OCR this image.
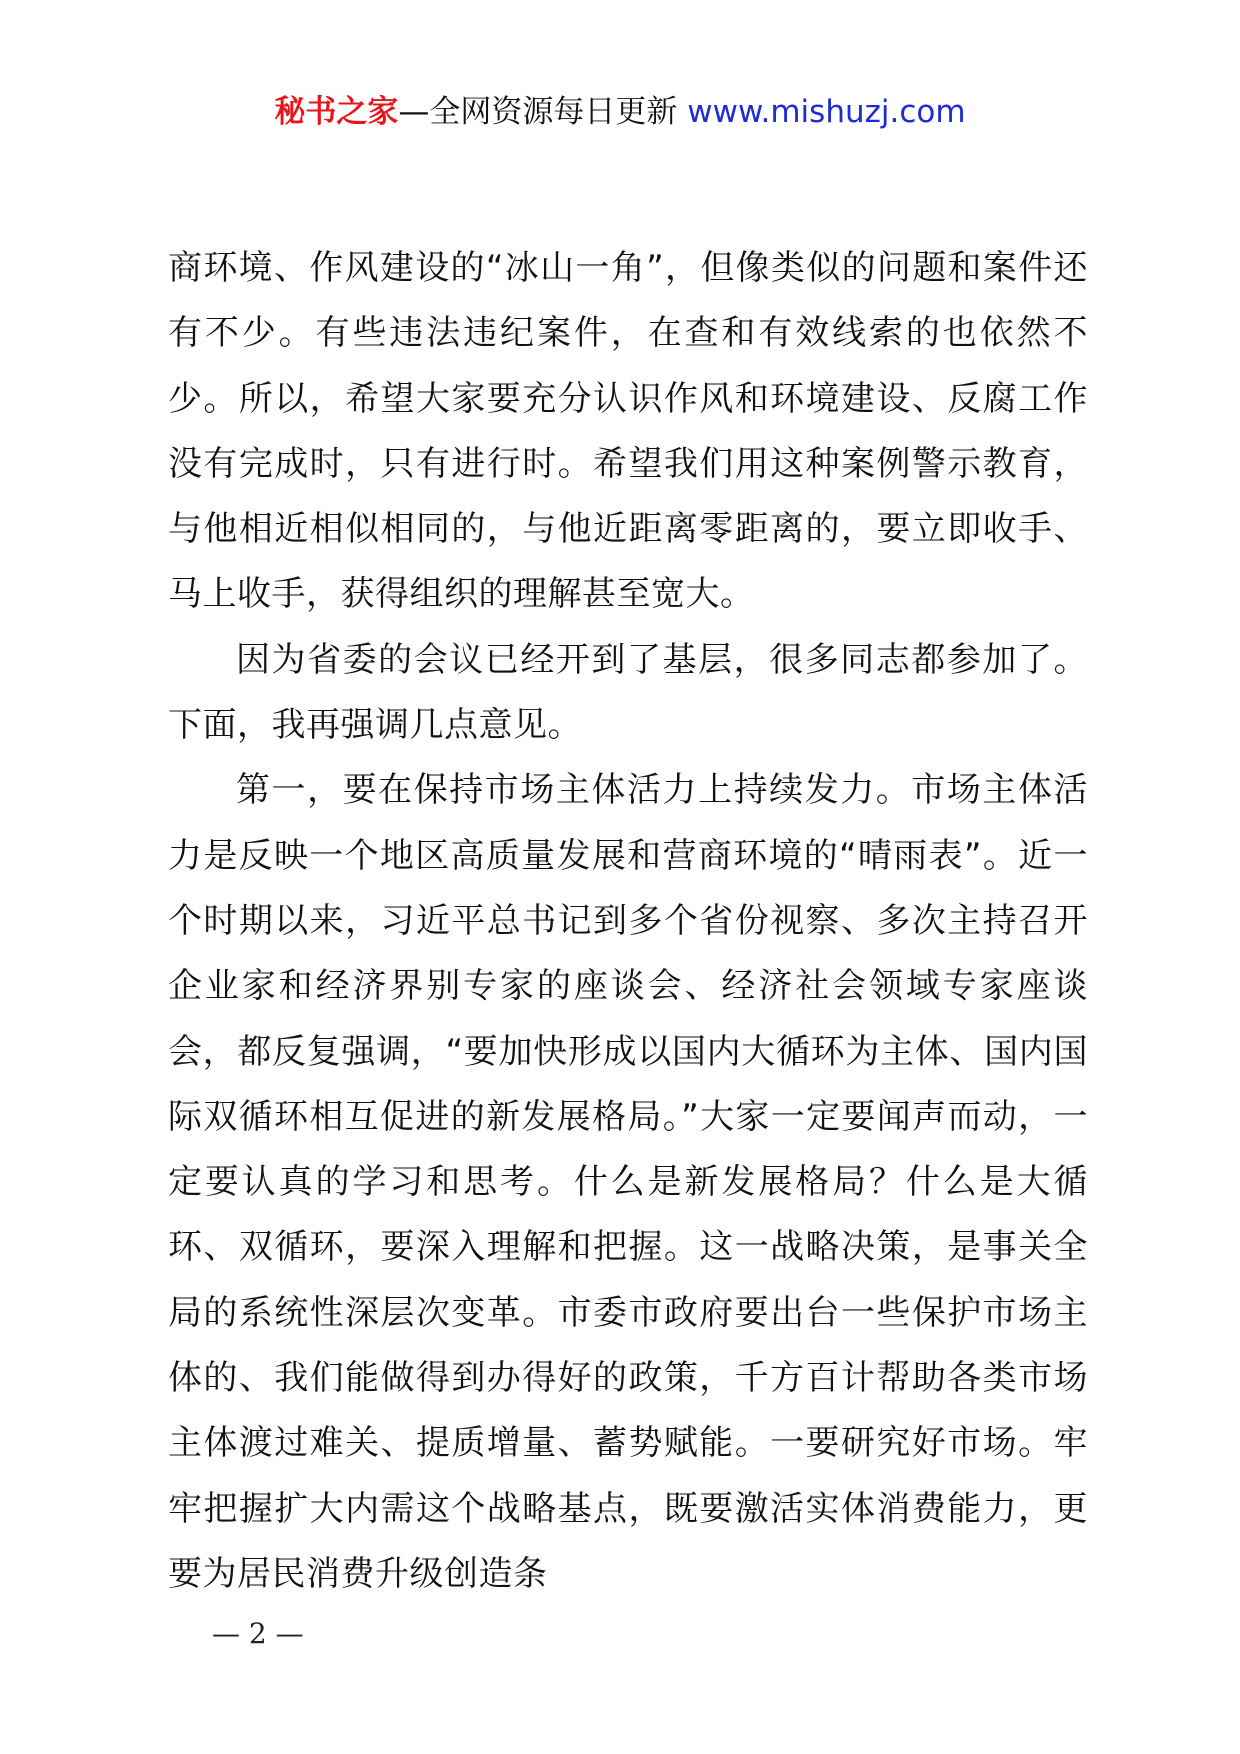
秘书之家—全网资源每日更新 www.mishuzj.com

商环境、作风建设的“冰山一角”，但像类似的问题和案件还有不少。有些违法违纪案件，在查和有效线索的也依然不少。所以，希望大家要充分认识作风和环境建设、反腐工作没有完成时，只有进行时。希望我们用这种案例警示教育，与他相近相似相同的，与他近距离零距离的，要立即收手、马上收手，获得组织的理解甚至宽大。

因为省委的会议已经开到了基层，很多同志都参加了。下面，我再强调几点意见。

第一，要在保持市场主体活力上持续发力。市场主体活力是反映一个地区高质量发展和营商环境的“晴雨表”。近一个时期以来，习近平总书记到多个省份视察、多次主持召开企业家和经济界别专家的座谈会、经济社会领域专家座谈会，都反复强调，“要加快形成以国内大循环为主体、国内国际双循环相互促进的新发展格局。”大家一定要闻声而动，一定要认真的学习和思考。什么是新发展格局？什么是大循环、双循环，要深入理解和把握。这一战略决策，是事关全局的系统性深层次变革。市委市政府要出台一些保护市场主体的、我们能做得到办得好的政策，千方百计帮助各类市场主体渡过难关、提质增量、蓄势赋能。一要研究好市场。牢牢把握扩大内需这个战略基点，既要激活实体消费能力，更要为居民消费升级创造条

— 2 —
